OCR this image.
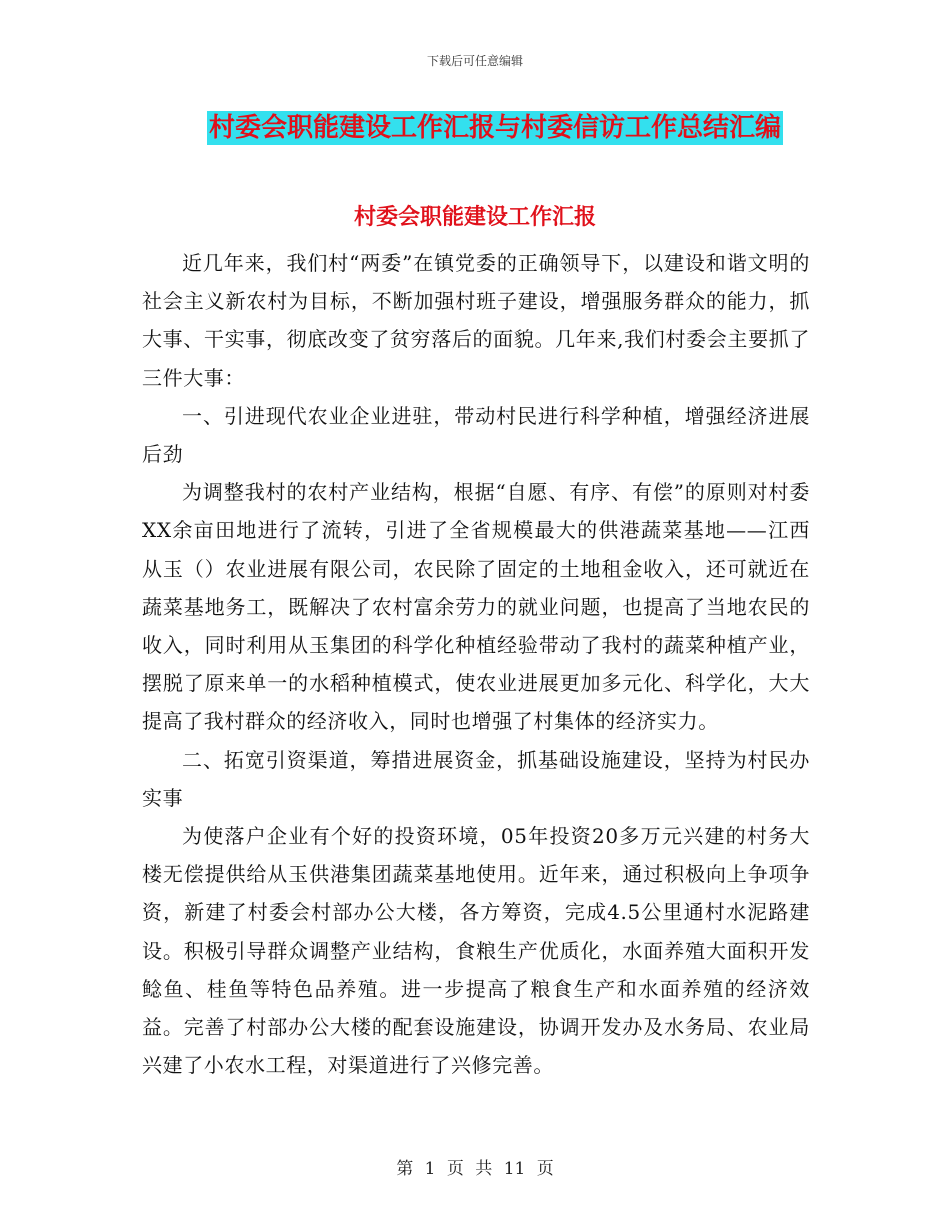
下载后可任意编辑
村委会职能建设工作汇报与村委信访工作总结汇编
村委会职能建设工作汇报

近几年来，我们村“两委”在镇党委的正确领导下，以建设和谐文明的社会主义新农村为目标，不断加强村班子建设，增强服务群众的能力，抓大事、干实事，彻底改变了贫穷落后的面貌。几年来,我们村委会主要抓了三件大事：

一、引进现代农业企业进驻，带动村民进行科学种植，增强经济进展后劲

为调整我村的农村产业结构，根据“自愿、有序、有偿”的原则对村委XX余亩田地进行了流转，引进了全省规模最大的供港蔬菜基地——江西从玉（）农业进展有限公司，农民除了固定的土地租金收入，还可就近在蔬菜基地务工，既解决了农村富余劳力的就业问题，也提高了当地农民的收入，同时利用从玉集团的科学化种植经验带动了我村的蔬菜种植产业，摆脱了原来单一的水稻种植模式，使农业进展更加多元化、科学化，大大提高了我村群众的经济收入，同时也增强了村集体的经济实力。

二、拓宽引资渠道，筹措进展资金，抓基础设施建设，坚持为村民办实事

为使落户企业有个好的投资环境，05年投资20多万元兴建的村务大楼无偿提供给从玉供港集团蔬菜基地使用。近年来，通过积极向上争项争资，新建了村委会村部办公大楼，各方筹资，完成4.5公里通村水泥路建设。积极引导群众调整产业结构，食粮生产优质化，水面养殖大面积开发鲶鱼、桂鱼等特色品养殖。进一步提高了粮食生产和水面养殖的经济效益。完善了村部办公大楼的配套设施建设，协调开发办及水务局、农业局兴建了小农水工程，对渠道进行了兴修完善。

第 1 页 共 11 页
